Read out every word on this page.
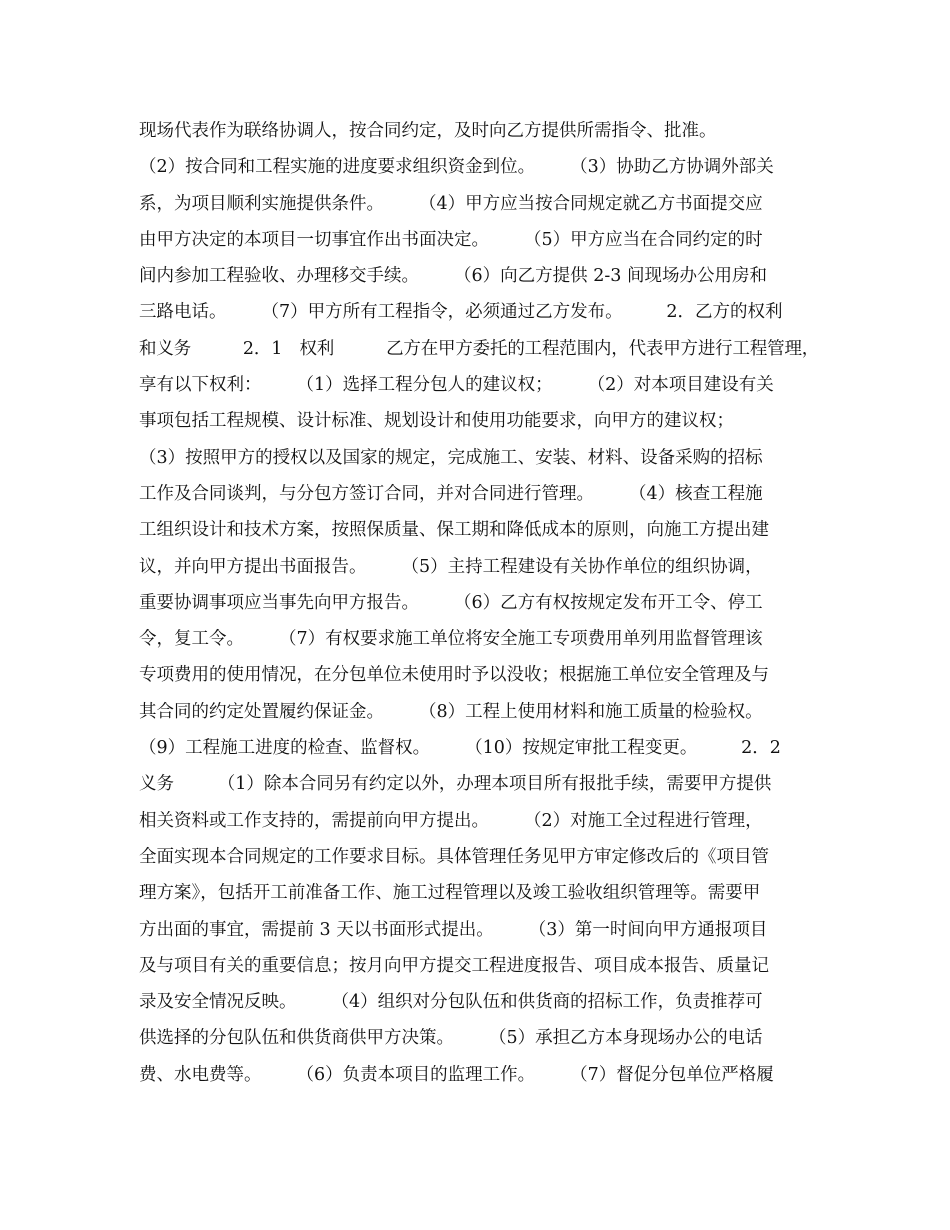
现场代表作为联络协调人，按合同约定，及时向乙方提供所需指令、批准。
（2）按合同和工程实施的进度要求组织资金到位。　　　（3）协助乙方协调外部关
系，为项目顺利实施提供条件。　　　（4）甲方应当按合同规定就乙方书面提交应
由甲方决定的本项目一切事宜作出书面决定。　　　（5）甲方应当在合同约定的时
间内参加工程验收、办理移交手续。　　　（6）向乙方提供 2-3 间现场办公用房和
三路电话。　　　（7）甲方所有工程指令，必须通过乙方发布。　　　2．乙方的权利
和义务　　　2．1　权利　　　乙方在甲方委托的工程范围内，代表甲方进行工程管理，
享有以下权利：　　　（1）选择工程分包人的建议权；　　　（2）对本项目建设有关
事项包括工程规模、设计标准、规划设计和使用功能要求，向甲方的建议权；
（3）按照甲方的授权以及国家的规定，完成施工、安装、材料、设备采购的招标
工作及合同谈判，与分包方签订合同，并对合同进行管理。　　　（4）核查工程施
工组织设计和技术方案，按照保质量、保工期和降低成本的原则，向施工方提出建
议，并向甲方提出书面报告。　　　（5）主持工程建设有关协作单位的组织协调，
重要协调事项应当事先向甲方报告。　　　（6）乙方有权按规定发布开工令、停工
令，复工令。　　　（7）有权要求施工单位将安全施工专项费用单列用监督管理该
专项费用的使用情况，在分包单位未使用时予以没收；根据施工单位安全管理及与
其合同的约定处置履约保证金。　　　（8）工程上使用材料和施工质量的检验权。
（9）工程施工进度的检查、监督权。　　　（10）按规定审批工程变更。　　　2．2
义务　　　（1）除本合同另有约定以外，办理本项目所有报批手续，需要甲方提供
相关资料或工作支持的，需提前向甲方提出。　　　（2）对施工全过程进行管理，
全面实现本合同规定的工作要求目标。具体管理任务见甲方审定修改后的《项目管
理方案》，包括开工前准备工作、施工过程管理以及竣工验收组织管理等。需要甲
方出面的事宜，需提前 3 天以书面形式提出。　　　（3）第一时间向甲方通报项目
及与项目有关的重要信息；按月向甲方提交工程进度报告、项目成本报告、质量记
录及安全情况反映。　　　（4）组织对分包队伍和供货商的招标工作，负责推荐可
供选择的分包队伍和供货商供甲方决策。　　　（5）承担乙方本身现场办公的电话
费、水电费等。　　　（6）负责本项目的监理工作。　　　（7）督促分包单位严格履
